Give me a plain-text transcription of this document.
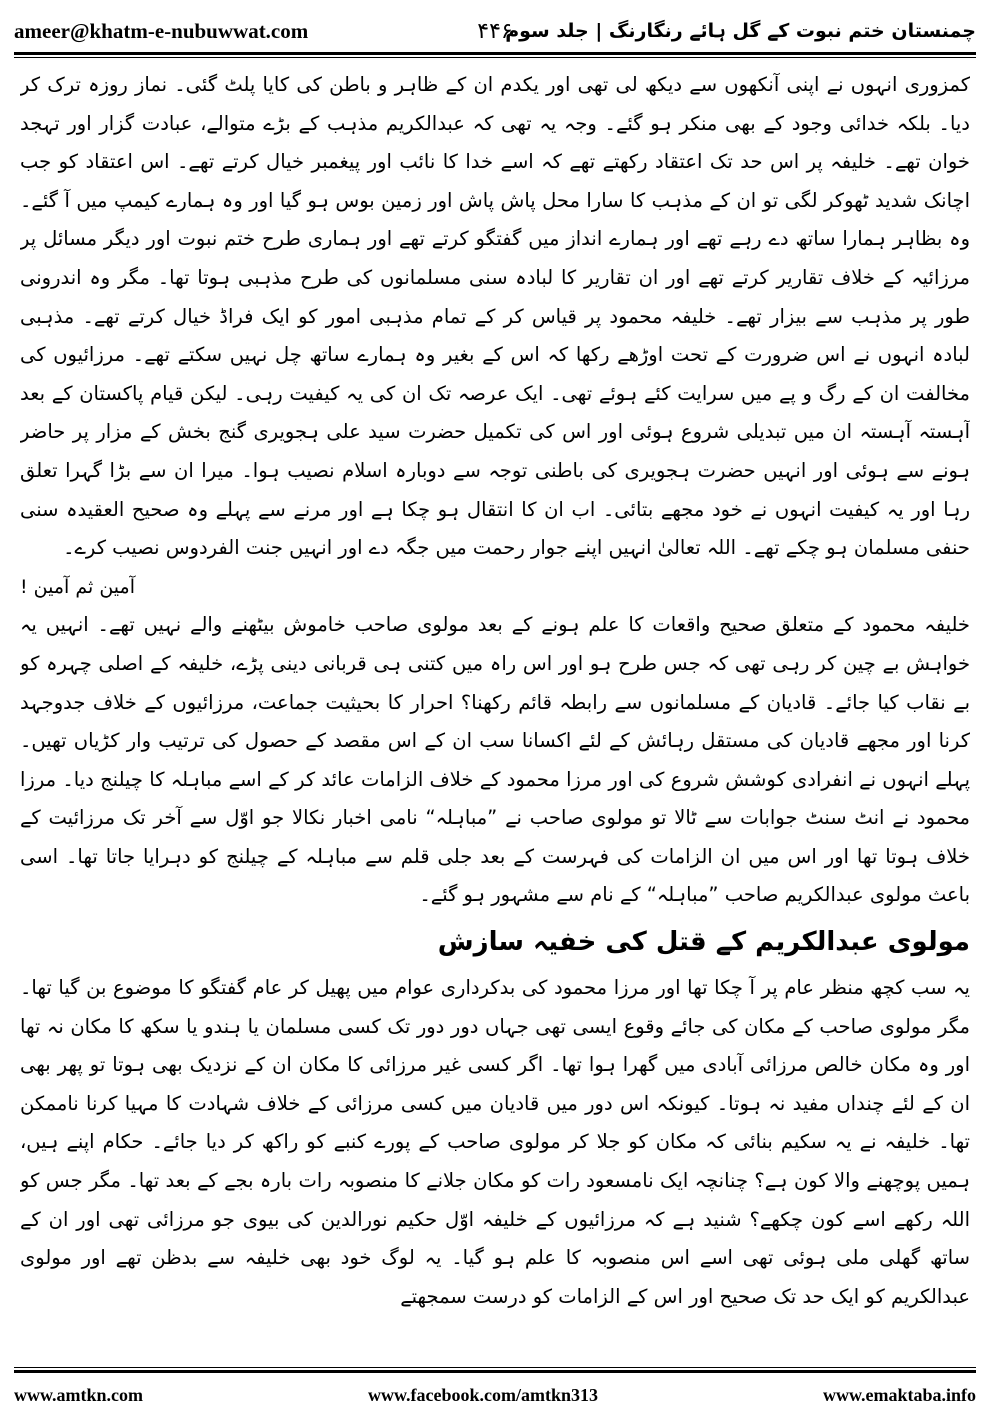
ameer@khatm-e-nubuwwat.com	۴۴۶
چمنستان ختم نبوت کے گل ہائے رنگارنگ | جلد سوم

کمزوری انہوں نے اپنی آنکھوں سے دیکھ لی تھی اور یکدم ان کے ظاہر و باطن کی کایا پلٹ گئی۔ نماز روزہ ترک کر دیا۔ بلکہ خدائی وجود کے بھی منکر ہو گئے۔ وجہ یہ تھی کہ عبدالکریم مذہب کے بڑے متوالے، عبادت گزار اور تہجد خوان تھے۔ خلیفہ پر اس حد تک اعتقاد رکھتے تھے کہ اسے خدا کا نائب اور پیغمبر خیال کرتے تھے۔ اس اعتقاد کو جب اچانک شدید ٹھوکر لگی تو ان کے مذہب کا سارا محل پاش پاش اور زمین بوس ہو گیا اور وہ ہمارے کیمپ میں آ گئے۔ وہ بظاہر ہمارا ساتھ دے رہے تھے اور ہمارے انداز میں گفتگو کرتے تھے اور ہماری طرح ختم نبوت اور دیگر مسائل پر مرزائیہ کے خلاف تقاریر کرتے تھے اور ان تقاریر کا لبادہ سنی مسلمانوں کی طرح مذہبی ہوتا تھا۔ مگر وہ اندرونی طور پر مذہب سے بیزار تھے۔ خلیفہ محمود پر قیاس کر کے تمام مذہبی امور کو ایک فراڈ خیال کرتے تھے۔ مذہبی لبادہ انہوں نے اس ضرورت کے تحت اوڑھے رکھا کہ اس کے بغیر وہ ہمارے ساتھ چل نہیں سکتے تھے۔ مرزائیوں کی مخالفت ان کے رگ و پے میں سرایت کئے ہوئے تھی۔ ایک عرصہ تک ان کی یہ کیفیت رہی۔ لیکن قیام پاکستان کے بعد آہستہ آہستہ ان میں تبدیلی شروع ہوئی اور اس کی تکمیل حضرت سید علی ہجویری گنج بخش کے مزار پر حاضر ہونے سے ہوئی اور انہیں حضرت ہجویری کی باطنی توجہ سے دوبارہ اسلام نصیب ہوا۔ میرا ان سے بڑا گہرا تعلق رہا اور یہ کیفیت انہوں نے خود مجھے بتائی۔ اب ان کا انتقال ہو چکا ہے اور مرنے سے پہلے وہ صحیح العقیدہ سنی حنفی مسلمان ہو چکے تھے۔ اللہ تعالیٰ انہیں اپنے جوار رحمت میں جگہ دے اور انہیں جنت الفردوس نصیب کرے۔

آمین ثم آمین !

خلیفہ محمود کے متعلق صحیح واقعات کا علم ہونے کے بعد مولوی صاحب خاموش بیٹھنے والے نہیں تھے۔ انہیں یہ خواہش بے چین کر رہی تھی کہ جس طرح ہو اور اس راہ میں کتنی ہی قربانی دینی پڑے، خلیفہ کے اصلی چہرہ کو بے نقاب کیا جائے۔ قادیان کے مسلمانوں سے رابطہ قائم رکھنا؟ احرار کا بحیثیت جماعت، مرزائیوں کے خلاف جدوجہد کرنا اور مجھے قادیان کی مستقل رہائش کے لئے اکسانا سب ان کے اس مقصد کے حصول کی ترتیب وار کڑیاں تھیں۔ پہلے انہوں نے انفرادی کوشش شروع کی اور مرزا محمود کے خلاف الزامات عائد کر کے اسے مباہلہ کا چیلنج دیا۔ مرزا محمود نے انٹ سنٹ جوابات سے ٹالا تو مولوی صاحب نے ”مباہلہ“ نامی اخبار نکالا جو اوّل سے آخر تک مرزائیت کے خلاف ہوتا تھا اور اس میں ان الزامات کی فہرست کے بعد جلی قلم سے مباہلہ کے چیلنج کو دہرایا جاتا تھا۔ اسی باعث مولوی عبدالکریم صاحب ”مباہلہ“ کے نام سے مشہور ہو گئے۔

مولوی عبدالکریم کے قتل کی خفیہ سازش

یہ سب کچھ منظر عام پر آ چکا تھا اور مرزا محمود کی بدکرداری عوام میں پھیل کر عام گفتگو کا موضوع بن گیا تھا۔ مگر مولوی صاحب کے مکان کی جائے وقوع ایسی تھی جہاں دور دور تک کسی مسلمان یا ہندو یا سکھ کا مکان نہ تھا اور وہ مکان خالص مرزائی آبادی میں گھرا ہوا تھا۔ اگر کسی غیر مرزائی کا مکان ان کے نزدیک بھی ہوتا تو پھر بھی ان کے لئے چنداں مفید نہ ہوتا۔ کیونکہ اس دور میں قادیان میں کسی مرزائی کے خلاف شہادت کا مہیا کرنا ناممکن تھا۔ خلیفہ نے یہ سکیم بنائی کہ مکان کو جلا کر مولوی صاحب کے پورے کنبے کو راکھ کر دیا جائے۔ حکام اپنے ہیں، ہمیں پوچھنے والا کون ہے؟ چنانچہ ایک نامسعود رات کو مکان جلانے کا منصوبہ رات بارہ بجے کے بعد تھا۔ مگر جس کو اللہ رکھے اسے کون چکھے؟ شنید ہے کہ مرزائیوں کے خلیفہ اوّل حکیم نورالدین کی بیوی جو مرزائی تھی اور ان کے ساتھ گھلی ملی ہوئی تھی اسے اس منصوبہ کا علم ہو گیا۔ یہ لوگ خود بھی خلیفہ سے بدظن تھے اور مولوی عبدالکریم کو ایک حد تک صحیح اور اس کے الزامات کو درست سمجھتے

www.amtkn.com	www.facebook.com/amtkn313	www.emaktaba.info
